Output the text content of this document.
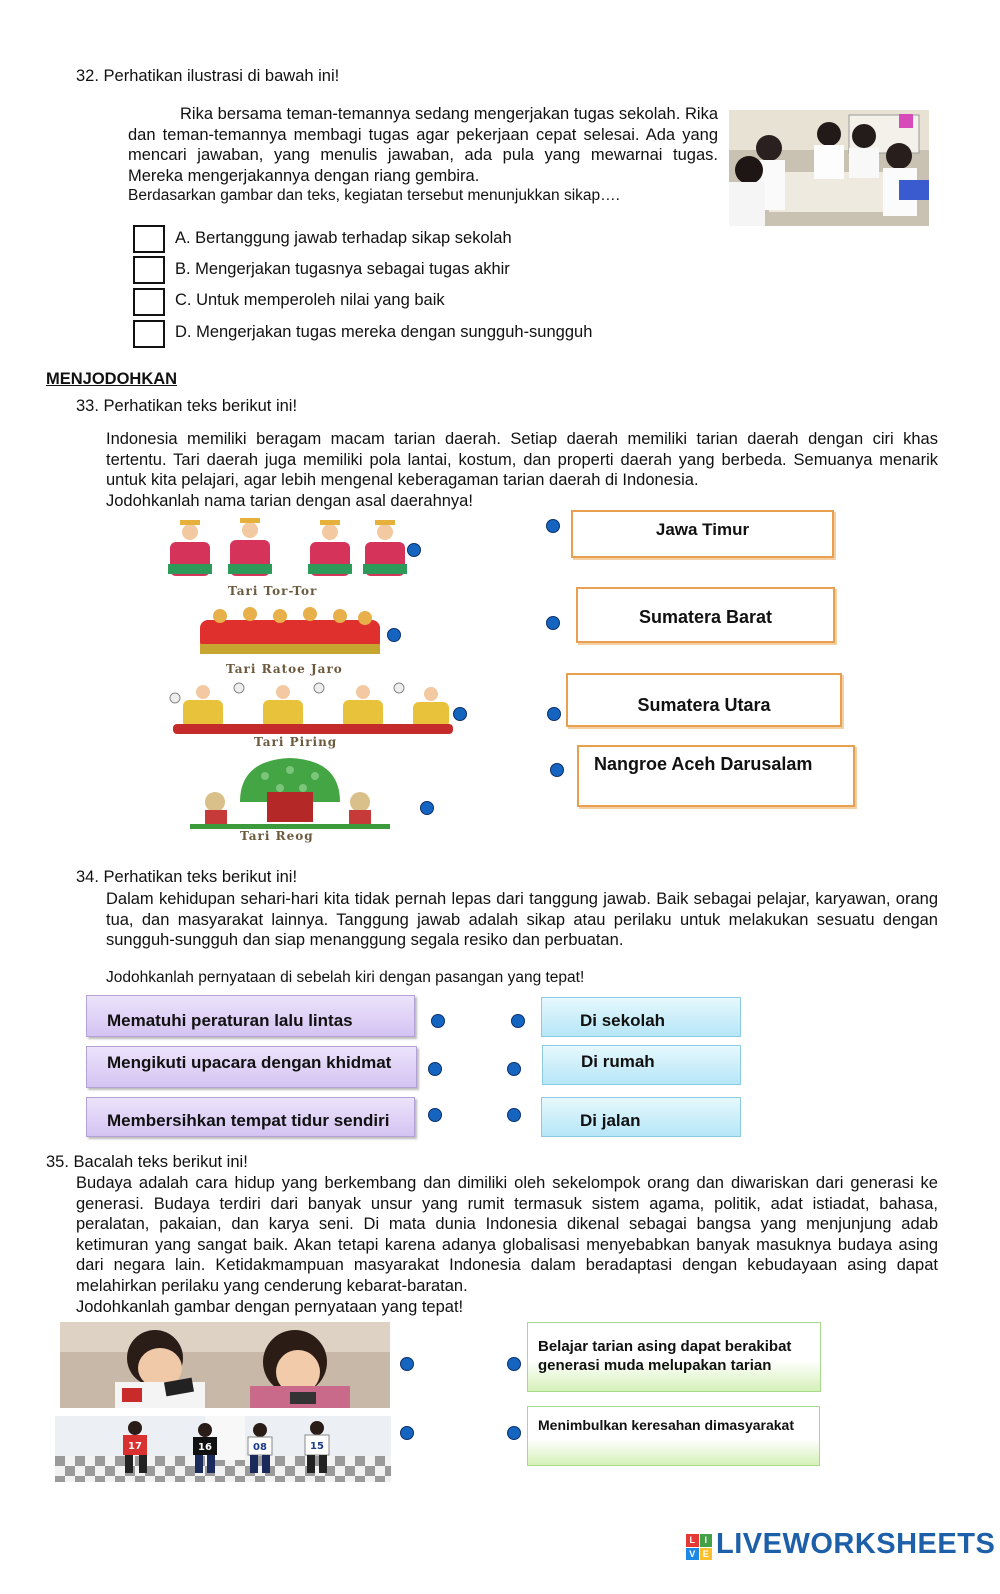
32. Perhatikan ilustrasi di bawah ini!
Rika bersama teman-temannya sedang mengerjakan tugas sekolah. Rika dan teman-temannya membagi tugas agar pekerjaan cepat selesai. Ada yang mencari jawaban, yang menulis jawaban, ada pula yang mewarnai tugas. Mereka mengerjakannya dengan riang gembira.
Berdasarkan gambar dan teks, kegiatan tersebut menunjukkan sikap….
A. Bertanggung jawab terhadap sikap sekolah
B. Mengerjakan tugasnya sebagai tugas akhir
C. Untuk memperoleh nilai yang baik
D. Mengerjakan tugas mereka dengan sungguh-sungguh
MENJODOHKAN
33. Perhatikan teks berikut ini!
Indonesia memiliki beragam macam tarian daerah. Setiap daerah memiliki tarian daerah dengan ciri khas tertentu. Tari daerah juga memiliki pola lantai, kostum, dan properti daerah yang berbeda. Semuanya menarik untuk kita pelajari, agar lebih mengenal keberagaman tarian daerah di Indonesia.
Jodohkanlah nama tarian dengan asal daerahnya!
Tari Tor-Tor
Tari Ratoe Jaro
Tari Piring
Tari Reog
Jawa Timur
Sumatera Barat
Sumatera Utara
Nangroe Aceh Darusalam
34. Perhatikan teks berikut ini!
Dalam kehidupan sehari-hari kita tidak pernah lepas dari tanggung jawab. Baik sebagai pelajar, karyawan, orang tua, dan masyarakat lainnya. Tanggung jawab adalah sikap atau perilaku untuk melakukan sesuatu dengan sungguh-sungguh dan siap menanggung segala resiko dan perbuatan.
Jodohkanlah pernyataan di sebelah kiri dengan pasangan yang tepat!
Mematuhi peraturan lalu lintas
Mengikuti upacara dengan khidmat
Membersihkan tempat tidur sendiri
Di sekolah
Di rumah
Di jalan
35. Bacalah teks berikut ini!
Budaya adalah cara hidup yang berkembang dan dimiliki oleh sekelompok orang dan diwariskan dari generasi ke generasi. Budaya terdiri dari banyak unsur yang rumit termasuk sistem agama, politik, adat istiadat, bahasa, peralatan, pakaian, dan karya seni. Di mata dunia Indonesia dikenal sebagai bangsa yang menjunjung adab ketimuran yang sangat baik. Akan tetapi karena adanya globalisasi menyebabkan banyak masuknya budaya asing dari negara lain. Ketidakmampuan masyarakat Indonesia dalam beradaptasi dengan kebudayaan asing dapat melahirkan perilaku yang cenderung kebarat-baratan.
Jodohkanlah gambar dengan pernyataan yang tepat!
17	16	08	15
Belajar tarian asing dapat berakibat generasi muda melupakan tarian
Menimbulkan keresahan dimasyarakat
L	I
V E LIVEWORKSHEETS
